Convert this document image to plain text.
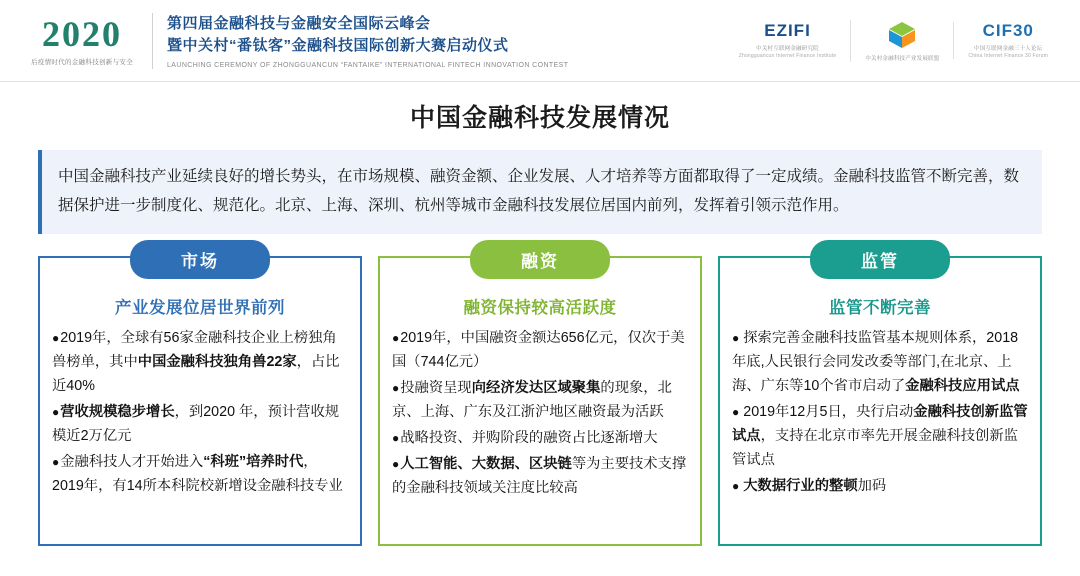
2020
后疫情时代的金融科技创新与安全
第四届金融科技与金融安全国际云峰会
暨中关村“番钛客”金融科技国际创新大赛启动仪式
LAUNCHING CEREMONY OF ZHONGGUANCUN “FANTAIKE” INTERNATIONAL FINTECH INNOVATION CONTEST
EZIFI
中关村互联网金融研究院
Zhongguancun Internet Finance Institute	中关村金融科技产业发展联盟
CIF30
中国互联网金融三十人论坛
China Internet Finance 30 Forum
中国金融科技发展情况
中国金融科技产业延续良好的增长势头，在市场规模、融资金额、企业发展、人才培养等方面都取得了一定成绩。金融科技监管不断完善，数据保护进一步制度化、规范化。北京、上海、深圳、杭州等城市金融科技发展位居国内前列，发挥着引领示范作用。
市场
产业发展位居世界前列
●2019年，全球有56家金融科技企业上榜独角兽榜单，其中中国金融科技独角兽22家，占比近40%
●营收规模稳步增长，到2020 年，预计营收规模近2万亿元
●金融科技人才开始进入“科班”培养时代，2019年，有14所本科院校新增设金融科技专业
融资
融资保持较高活跃度
●2019年，中国融资金额达656亿元，仅次于美国（744亿元）
●投融资呈现向经济发达区域聚集的现象，北京、上海、广东及江浙沪地区融资最为活跃
●战略投资、并购阶段的融资占比逐渐增大
●人工智能、大数据、区块链等为主要技术支撑的金融科技领域关注度比较高
监管
监管不断完善
● 探索完善金融科技监管基本规则体系，2018年底,人民银行会同发改委等部门,在北京、上海、广东等10个省市启动了金融科技应用试点
● 2019年12月5日，央行启动金融科技创新监管试点，支持在北京市率先开展金融科技创新监管试点
● 大数据行业的整顿加码
